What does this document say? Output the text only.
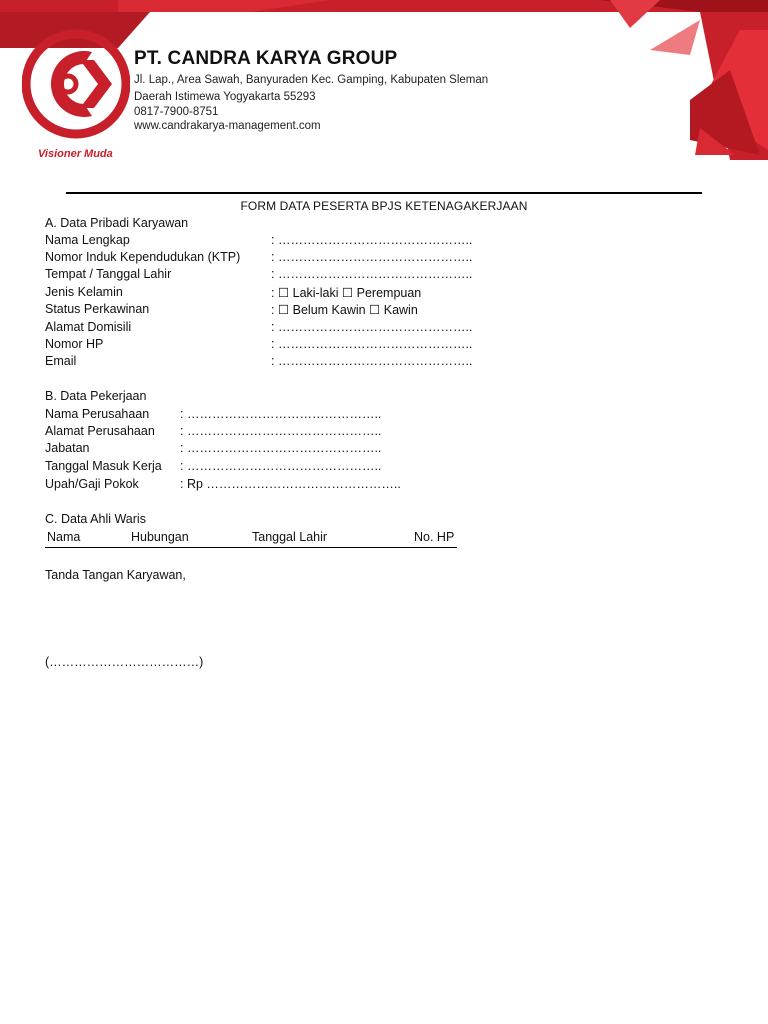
Visioner Muda
PT. CANDRA KARYA GROUP
Jl. Lap., Area Sawah, Banyuraden Kec. Gamping, Kabupaten Sleman
Daerah Istimewa Yogyakarta 55293
0817-7900-8751
www.candrakarya-management.com
FORM DATA PESERTA BPJS KETENAGAKERJAAN
A. Data Pribadi Karyawan
Nama Lengkap	: ………………………………………..
Nomor Induk Kependudukan (KTP) : ………………………………………..
Tempat / Tanggal Lahir	: ………………………………………..
Jenis Kelamin	: ☐ Laki-laki ☐ Perempuan
Status Perkawinan	: ☐ Belum Kawin ☐ Kawin
Alamat Domisili	: ………………………………………..
Nomor HP	: ………………………………………..
Email	: ………………………………………..
B. Data Pekerjaan
Nama Perusahaan : ………………………………………..
Alamat Perusahaan : ………………………………………..
Jabatan	: ………………………………………..
Tanggal Masuk Kerja : ………………………………………..
Upah/Gaji Pokok	: Rp ………………………………………..
C. Data Ahli Waris
Nama	Hubungan	Tanggal Lahir	No. HP
Tanda Tangan Karyawan,
(………………………………)
